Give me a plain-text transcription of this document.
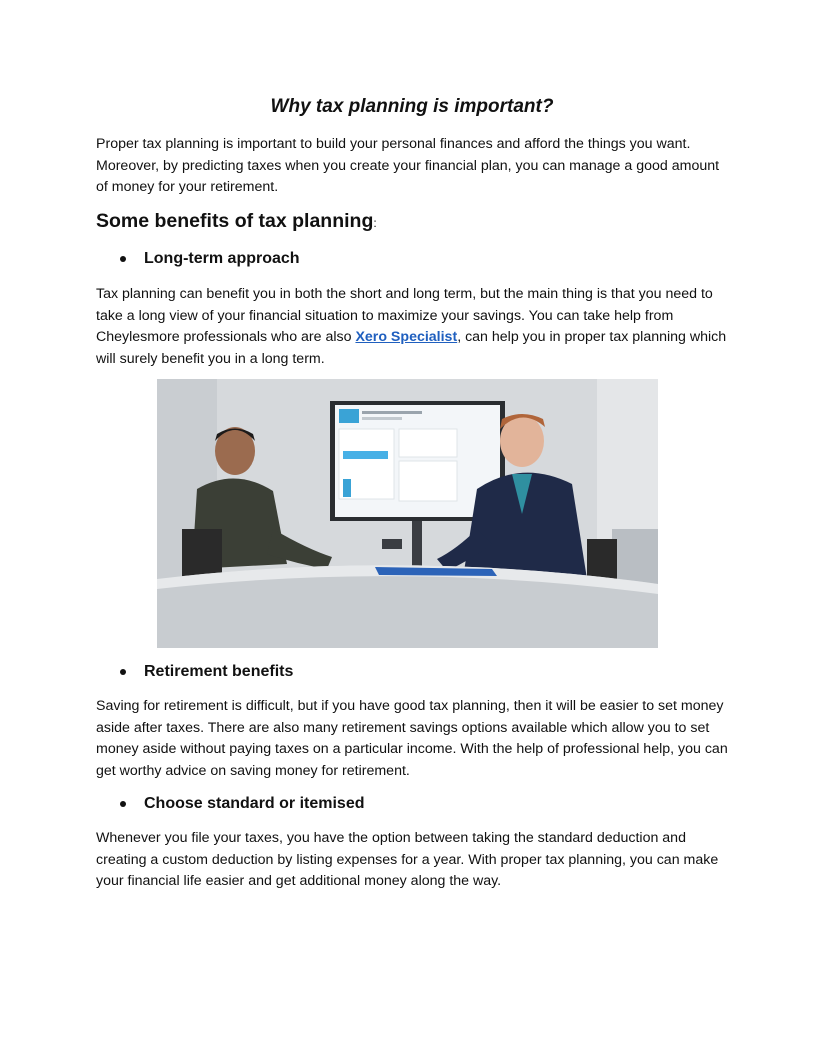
Why tax planning is important?

Proper tax planning is important to build your personal finances and afford the things you want. Moreover, by predicting taxes when you create your financial plan, you can manage a good amount of money for your retirement.

Some benefits of tax planning:
Long-term approach

Tax planning can benefit you in both the short and long term, but the main thing is that you need to take a long view of your financial situation to maximize your savings. You can take help from Cheylesmore professionals who are also Xero Specialist, can help you in proper tax planning which will surely benefit you in a long term.

Retirement benefits

Saving for retirement is difficult, but if you have good tax planning, then it will be easier to set money aside after taxes. There are also many retirement savings options available which allow you to set money aside without paying taxes on a particular income. With the help of professional help, you can get worthy advice on saving money for retirement.

Choose standard or itemised

Whenever you file your taxes, you have the option between taking the standard deduction and creating a custom deduction by listing expenses for a year. With proper tax planning, you can make your financial life easier and get additional money along the way.
